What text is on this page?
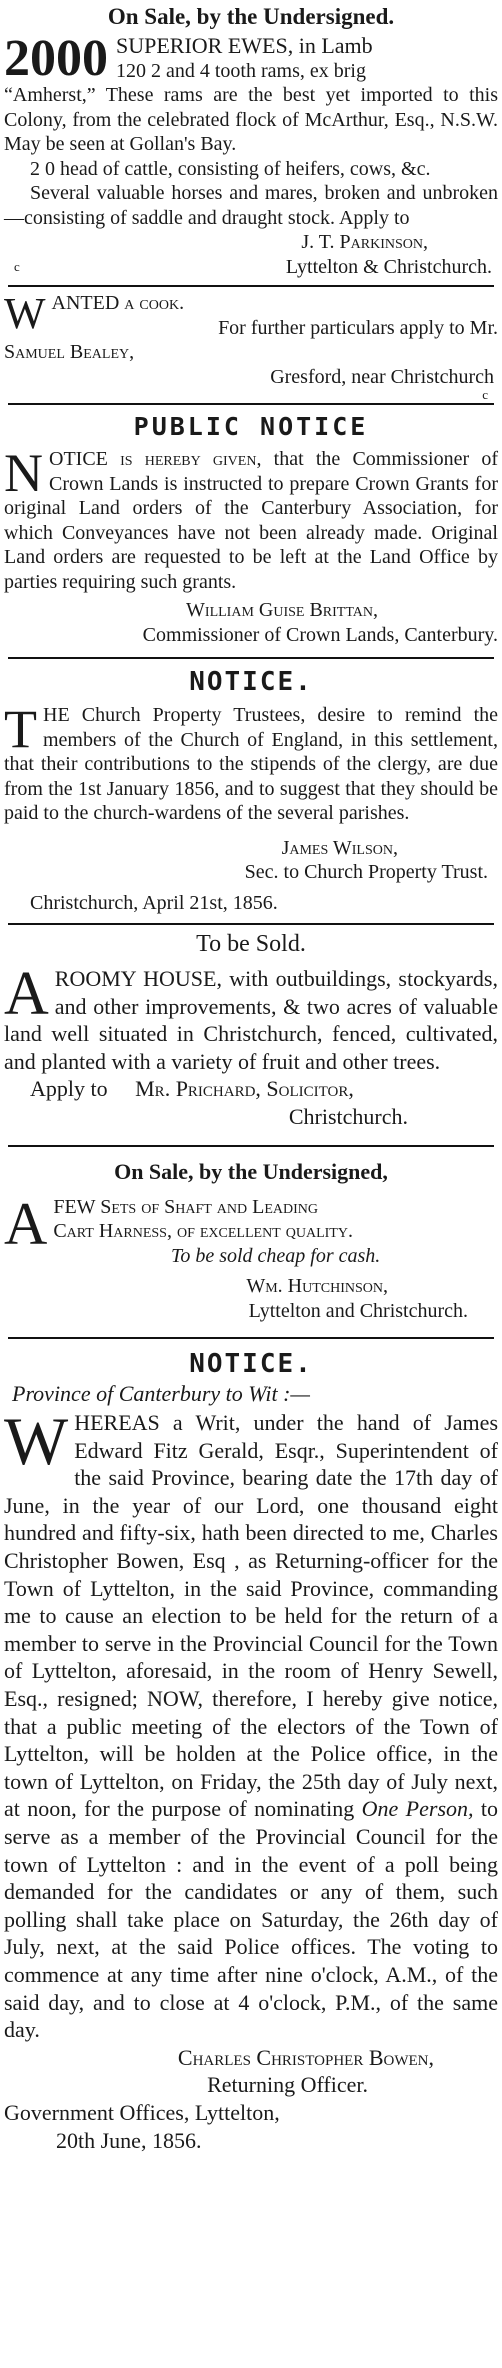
On Sale, by the Undersigned.
2000 SUPERIOR EWES, in Lamb

120 2 and 4 tooth rams, ex brig

“Amherst,” These rams are the best yet imported to this Colony, from the celebrated flock of McArthur, Esq., N.S.W. May be seen at Gollan's Bay.

2 0 head of cattle, consisting of heifers, cows, &c.

Several valuable horses and mares, broken and unbroken—consisting of saddle and draught stock. Apply to

J. T. Parkinson,

Lyttelton & Christchurch.

c
W ANTED a cook.

For further particulars apply to Mr.

Samuel Bealey,

Gresford, near Christchurch

c
PUBLIC NOTICE
N OTICE is hereby given, that the Commissioner of Crown Lands is instructed to prepare Crown Grants for original Land orders of the Canterbury Association, for which Conveyances have not been already made. Original Land orders are requested to be left at the Land Office by parties requiring such grants.

William Guise Brittan,

Commissioner of Crown Lands, Canterbury.

NOTICE.
T HE Church Property Trustees, desire to remind the members of the Church of England, in this settlement, that their contributions to the stipends of the clergy, are due from the 1st January 1856, and to suggest that they should be paid to the church-wardens of the several parishes.

James Wilson,

Sec. to Church Property Trust.

Christchurch, April 21st, 1856.

To be Sold.
A ROOMY HOUSE, with outbuildings, stockyards, and other improvements, & two acres of valuable land well situated in Christchurch, fenced, cultivated, and planted with a variety of fruit and other trees.

Apply to Mr. Prichard, Solicitor,

Christchurch.

On Sale, by the Undersigned,
A FEW Sets of Shaft and Leading

Cart Harness, of excellent quality.

To be sold cheap for cash.

Wm. Hutchinson,

Lyttelton and Christchurch.

NOTICE.

Province of Canterbury to Wit :—

W HEREAS a Writ, under the hand of James Edward Fitz Gerald, Esqr., Superintendent of the said Province, bearing date the 17th day of June, in the year of our Lord, one thousand eight hundred and fifty-six, hath been directed to me, Charles Christopher Bowen, Esq , as Returning-officer for the Town of Lyttelton, in the said Province, commanding me to cause an election to be held for the return of a member to serve in the Provincial Council for the Town of Lyttelton, aforesaid, in the room of Henry Sewell, Esq., resigned; NOW, therefore, I hereby give notice, that a public meeting of the electors of the Town of Lyttelton, will be holden at the Police office, in the town of Lyttelton, on Friday, the 25th day of July next, at noon, for the purpose of nominating One Person, to serve as a member of the Provincial Council for the town of Lyttelton : and in the event of a poll being demanded for the candidates or any of them, such polling shall take place on Saturday, the 26th day of July, next, at the said Police offices. The voting to commence at any time after nine o'clock, A.M., of the said day, and to close at 4 o'clock, P.M., of the same day.

Charles Christopher Bowen,

Returning Officer.

Government Offices, Lyttelton,

20th June, 1856.
